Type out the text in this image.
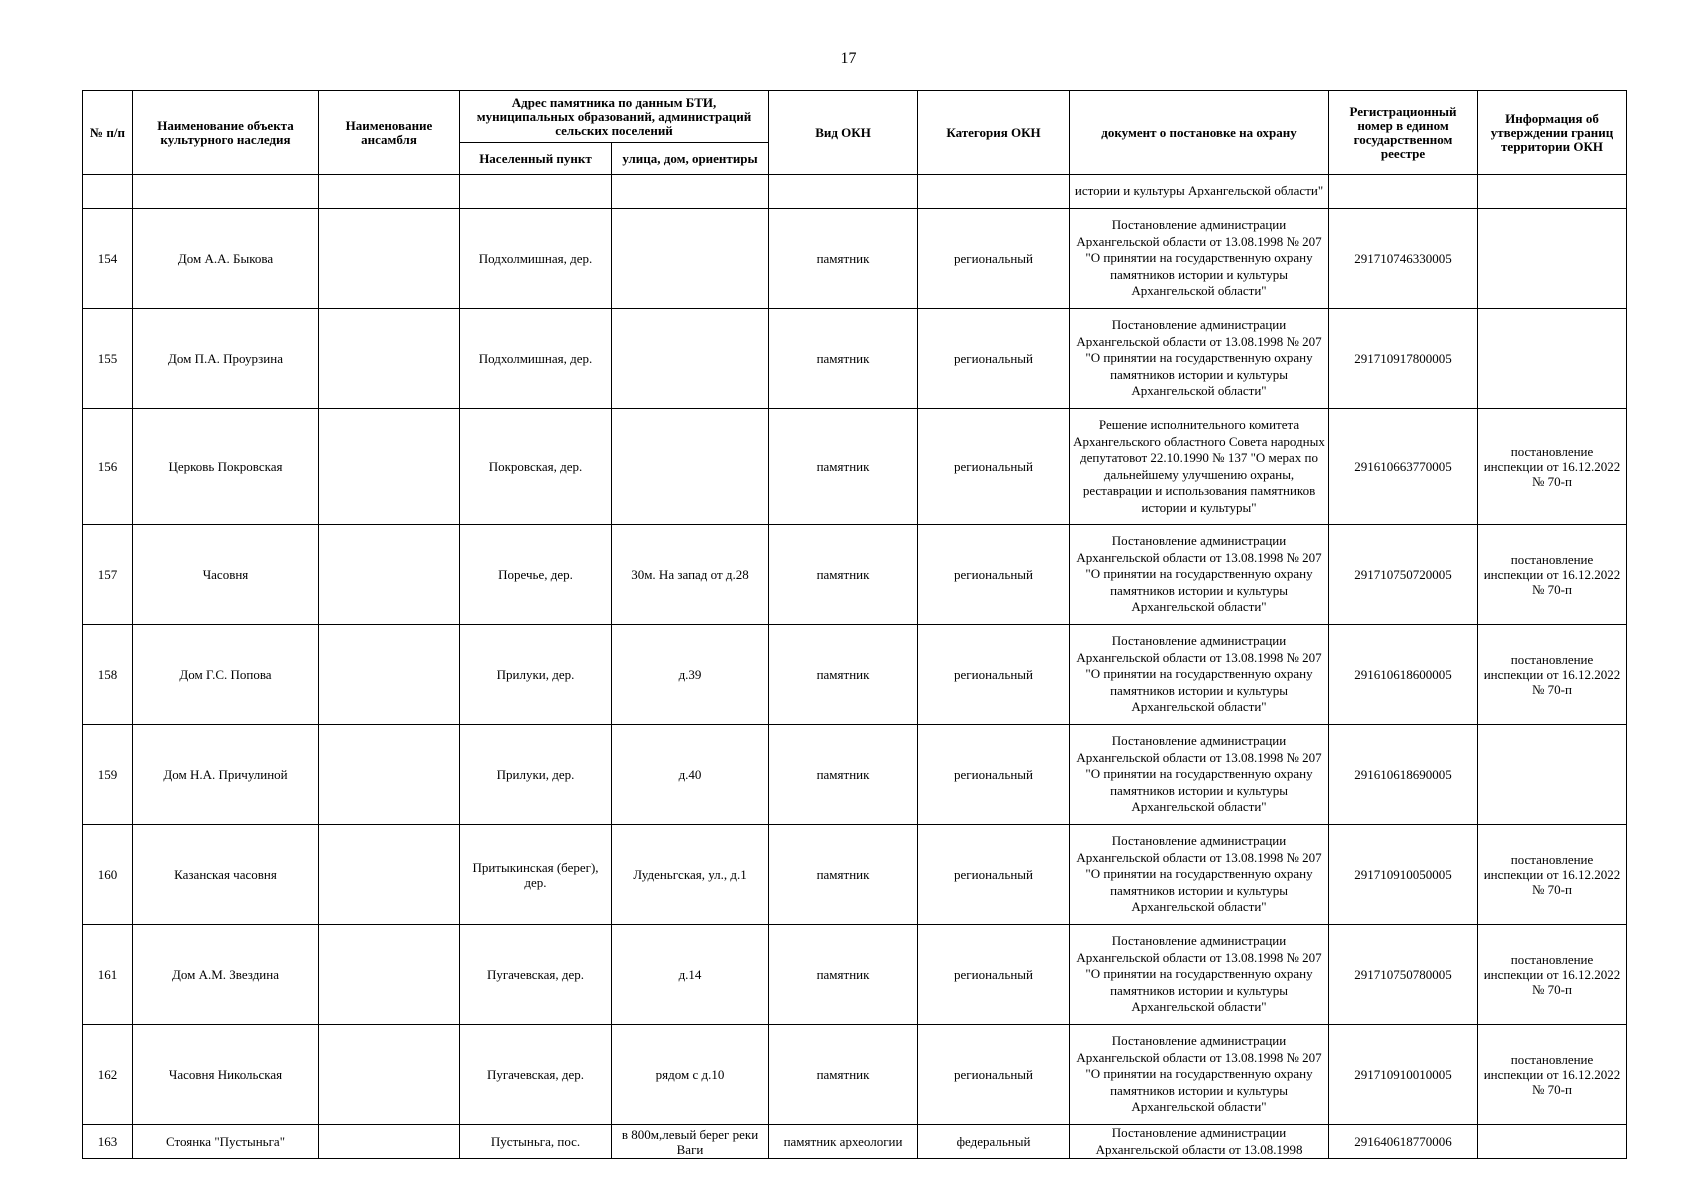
17
№ п/п	Наименование объекта культурного наследия	Наименование ансамбля	Адрес памятника по данным БТИ, муниципальных образований, администраций сельских поселений		Вид ОКН	Категория ОКН	документ о постановке на охрану	Регистрационный номер в едином государственном реестре	Информация об утверждении границ территории ОКН
			Населенный пункт	улица, дом, ориентиры					
							истории и культуры Архангельской области"		
154	Дом А.А. Быкова		Подхолмишная, дер.		памятник	региональный	Постановление администрации Архангельской области от 13.08.1998 № 207 "О принятии на государственную охрану памятников истории и культуры Архангельской области"	291710746330005	
155	Дом П.А. Проурзина		Подхолмишная, дер.		памятник	региональный	Постановление администрации Архангельской области от 13.08.1998 № 207 "О принятии на государственную охрану памятников истории и культуры Архангельской области"	291710917800005	
156	Церковь Покровская		Покровская, дер.		памятник	региональный	Решение исполнительного комитета Архангельского областного Совета народных депутатовот 22.10.1990 № 137 "О мерах по дальнейшему улучшению охраны, реставрации и использования памятников истории и культуры"	291610663770005	постановление инспекции от 16.12.2022 № 70-п
157	Часовня		Поречье, дер.	30м. На запад от д.28	памятник	региональный	Постановление администрации Архангельской области от 13.08.1998 № 207 "О принятии на государственную охрану памятников истории и культуры Архангельской области"	291710750720005	постановление инспекции от 16.12.2022 № 70-п
158	Дом Г.С. Попова		Прилуки, дер.	д.39	памятник	региональный	Постановление администрации Архангельской области от 13.08.1998 № 207 "О принятии на государственную охрану памятников истории и культуры Архангельской области"	291610618600005	постановление инспекции от 16.12.2022 № 70-п
159	Дом Н.А. Причулиной		Прилуки, дер.	д.40	памятник	региональный	Постановление администрации Архангельской области от 13.08.1998 № 207 "О принятии на государственную охрану памятников истории и культуры Архангельской области"	291610618690005	
160	Казанская часовня		Притыкинская (берег), дер.	Луденьгская, ул., д.1	памятник	региональный	Постановление администрации Архангельской области от 13.08.1998 № 207 "О принятии на государственную охрану памятников истории и культуры Архангельской области"	291710910050005	постановление инспекции от 16.12.2022 № 70-п
161	Дом А.М. Звездина		Пугачевская, дер.	д.14	памятник	региональный	Постановление администрации Архангельской области от 13.08.1998 № 207 "О принятии на государственную охрану памятников истории и культуры Архангельской области"	291710750780005	постановление инспекции от 16.12.2022 № 70-п
162	Часовня Никольская		Пугачевская, дер.	рядом с д.10	памятник	региональный	Постановление администрации Архангельской области от 13.08.1998 № 207 "О принятии на государственную охрану памятников истории и культуры Архангельской области"	291710910010005	постановление инспекции от 16.12.2022 № 70-п
163	Стоянка "Пустыньга"		Пустыньга, пос.	в 800м,левый берег реки Ваги	памятник археологии	федеральный	Постановление администрации Архангельской области от 13.08.1998	291640618770006	
